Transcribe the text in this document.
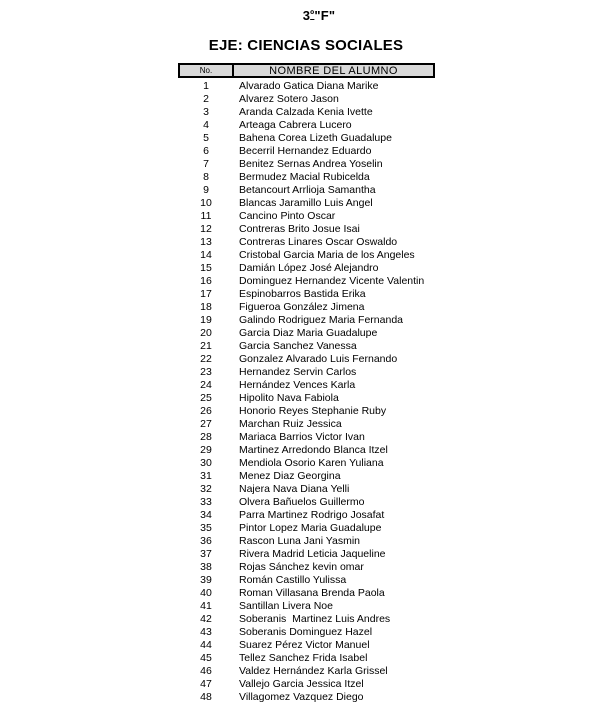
3º"F"
EJE: CIENCIAS SOCIALES
No.	NOMBRE DEL ALUMNO
1	Alvarado Gatica Diana Marike
2	Alvarez Sotero Jason
3	Aranda Calzada Kenia Ivette
4	Arteaga Cabrera Lucero
5	Bahena Corea Lizeth Guadalupe
6	Becerril Hernandez Eduardo
7	Benitez Sernas Andrea Yoselin
8	Bermudez Macial Rubicelda
9	Betancourt Arrlioja Samantha
10	Blancas Jaramillo Luis Angel
11	Cancino Pinto Oscar
12	Contreras Brito Josue Isai
13	Contreras Linares Oscar Oswaldo
14	Cristobal Garcia Maria de los Angeles
15	Damián López José Alejandro
16	Dominguez Hernandez Vicente Valentin
17	Espinobarros Bastida Erika
18	Figueroa González Jimena
19	Galindo Rodriguez Maria Fernanda
20	Garcia Diaz Maria Guadalupe
21	Garcia Sanchez Vanessa
22	Gonzalez Alvarado Luis Fernando
23	Hernandez Servin Carlos
24	Hernández Vences Karla
25	Hipolito Nava Fabiola
26	Honorio Reyes Stephanie Ruby
27	Marchan Ruiz Jessica
28	Mariaca Barrios Victor Ivan
29	Martinez Arredondo Blanca Itzel
30	Mendiola Osorio Karen Yuliana
31	Menez Diaz Georgina
32	Najera Nava Diana Yelli
33	Olvera Bañuelos Guillermo
34	Parra Martinez Rodrigo Josafat
35	Pintor Lopez Maria Guadalupe
36	Rascon Luna Jani Yasmin
37	Rivera Madrid Leticia Jaqueline
38	Rojas Sánchez kevin omar
39	Román Castillo Yulissa
40	Roman Villasana Brenda Paola
41	Santillan Livera Noe
42	Soberanis  Martinez Luis Andres
43	Soberanis Dominguez Hazel
44	Suarez Pérez Victor Manuel
45	Tellez Sanchez Frida Isabel
46	Valdez Hernández Karla Grissel
47	Vallejo Garcia Jessica Itzel
48	Villagomez Vazquez Diego
